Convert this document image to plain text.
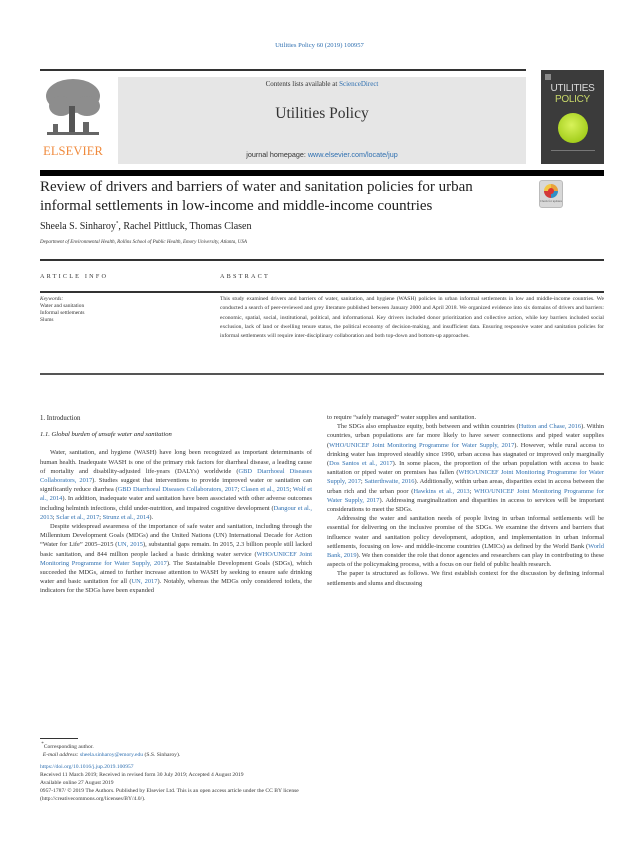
Utilities Policy 60 (2019) 100957
ELSEVIER
Contents lists available at ScienceDirect
Utilities Policy
journal homepage: www.elsevier.com/locate/jup
UTILITIES
POLICY
Review of drivers and barriers of water and sanitation policies for urban informal settlements in low-income and middle-income countries	Check for updates
Sheela S. Sinharoy*, Rachel Pittluck, Thomas Clasen
Department of Environmental Health, Rollins School of Public Health, Emory University, Atlanta, USA
ARTICLE INFO	ABSTRACT
Keywords:
Water and sanitation
Informal settlements
Slums
This study examined drivers and barriers of water, sanitation, and hygiene (WASH) policies in urban informal settlements in low and middle-income countries. We conducted a search of peer-reviewed and grey literature published between January 2000 and April 2018. We organized evidence into six domains of drivers and barriers: economic, spatial, social, institutional, political, and informational. Key drivers included donor prioritization and collective action, while key barriers included social exclusion, lack of land or dwelling tenure status, the political economy of decision-making, and insufficient data. Ensuring responsive water and sanitation policies for informal settlements will require inter-disciplinary collaboration and both top-down and bottom-up approaches.
1. Introduction
1.1. Global burden of unsafe water and sanitation

Water, sanitation, and hygiene (WASH) have long been recognized as important determinants of human health. Inadequate WASH is one of the primary risk factors for diarrheal disease, a leading cause of mortality and disability-adjusted life-years (DALYs) worldwide (GBD Diarrhoeal Diseases Collaborators, 2017). Studies suggest that interventions to provide improved water or sanitation can significantly reduce diarrhea (GBD Diarrhoeal Diseases Collaborators, 2017; Clasen et al., 2015; Wolf et al., 2014). In addition, inadequate water and sanitation have been associated with other adverse outcomes including helminth infections, child under-nutrition, and impaired cognitive development (Dangour et al., 2013; Sclar et al., 2017; Strunz et al., 2014).

Despite widespread awareness of the importance of safe water and sanitation, including through the Millennium Development Goals (MDGs) and the United Nations (UN) International Decade for Action “Water for Life” 2005–2015 (UN, 2015), substantial gaps remain. In 2015, 2.3 billion people still lacked basic sanitation, and 844 million people lacked a basic drinking water service (WHO/UNICEF Joint Monitoring Programme for Water Supply, 2017). The Sustainable Development Goals (SDGs), which succeeded the MDGs, aimed to further increase attention to WASH by seeking to ensure safe drinking water and basic sanitation for all (UN, 2017). Notably, whereas the MDGs only considered toilets, the indicators for the SDGs have been expanded

to require “safely managed” water supplies and sanitation.

The SDGs also emphasize equity, both between and within countries (Hutton and Chase, 2016). Within countries, urban populations are far more likely to have sewer connections and piped water supplies (WHO/UNICEF Joint Monitoring Programme for Water Supply, 2017). However, while rural access to drinking water has improved steadily since 1990, urban access has stagnated or improved only marginally (Dos Santos et al., 2017). In some places, the proportion of the urban population with access to basic sanitation or piped water on premises has fallen (WHO/UNICEF Joint Monitoring Programme for Water Supply, 2017; Satterthwaite, 2016). Additionally, within urban areas, disparities exist in access between the urban rich and the urban poor (Hawkins et al., 2013; WHO/UNICEF Joint Monitoring Programme for Water Supply, 2017). Addressing marginalization and disparities in access to services will be important considerations to meet the SDGs.

Addressing the water and sanitation needs of people living in urban informal settlements will be essential for delivering on the inclusive promise of the SDGs. We examine the drivers and barriers that influence water and sanitation policy development, adoption, and implementation in urban informal settlements, focusing on low- and middle-income countries (LMICs) as defined by the World Bank (World Bank, 2019). We then consider the role that donor agencies and researchers can play in contributing to these aspects of the policymaking process, with a focus on our field of public health research.

The paper is structured as follows. We first establish context for the discussion by defining informal settlements and slums and discussing

*Corresponding author.
E-mail address: sheela.sinharoy@emory.edu (S.S. Sinharoy).
https://doi.org/10.1016/j.jup.2019.100957
Received 11 March 2019; Received in revised form 30 July 2019; Accepted 4 August 2019
Available online 27 August 2019
0957-1787/ © 2019 The Authors. Published by Elsevier Ltd. This is an open access article under the CC BY license
(http://creativecommons.org/licenses/BY/4.0/).
